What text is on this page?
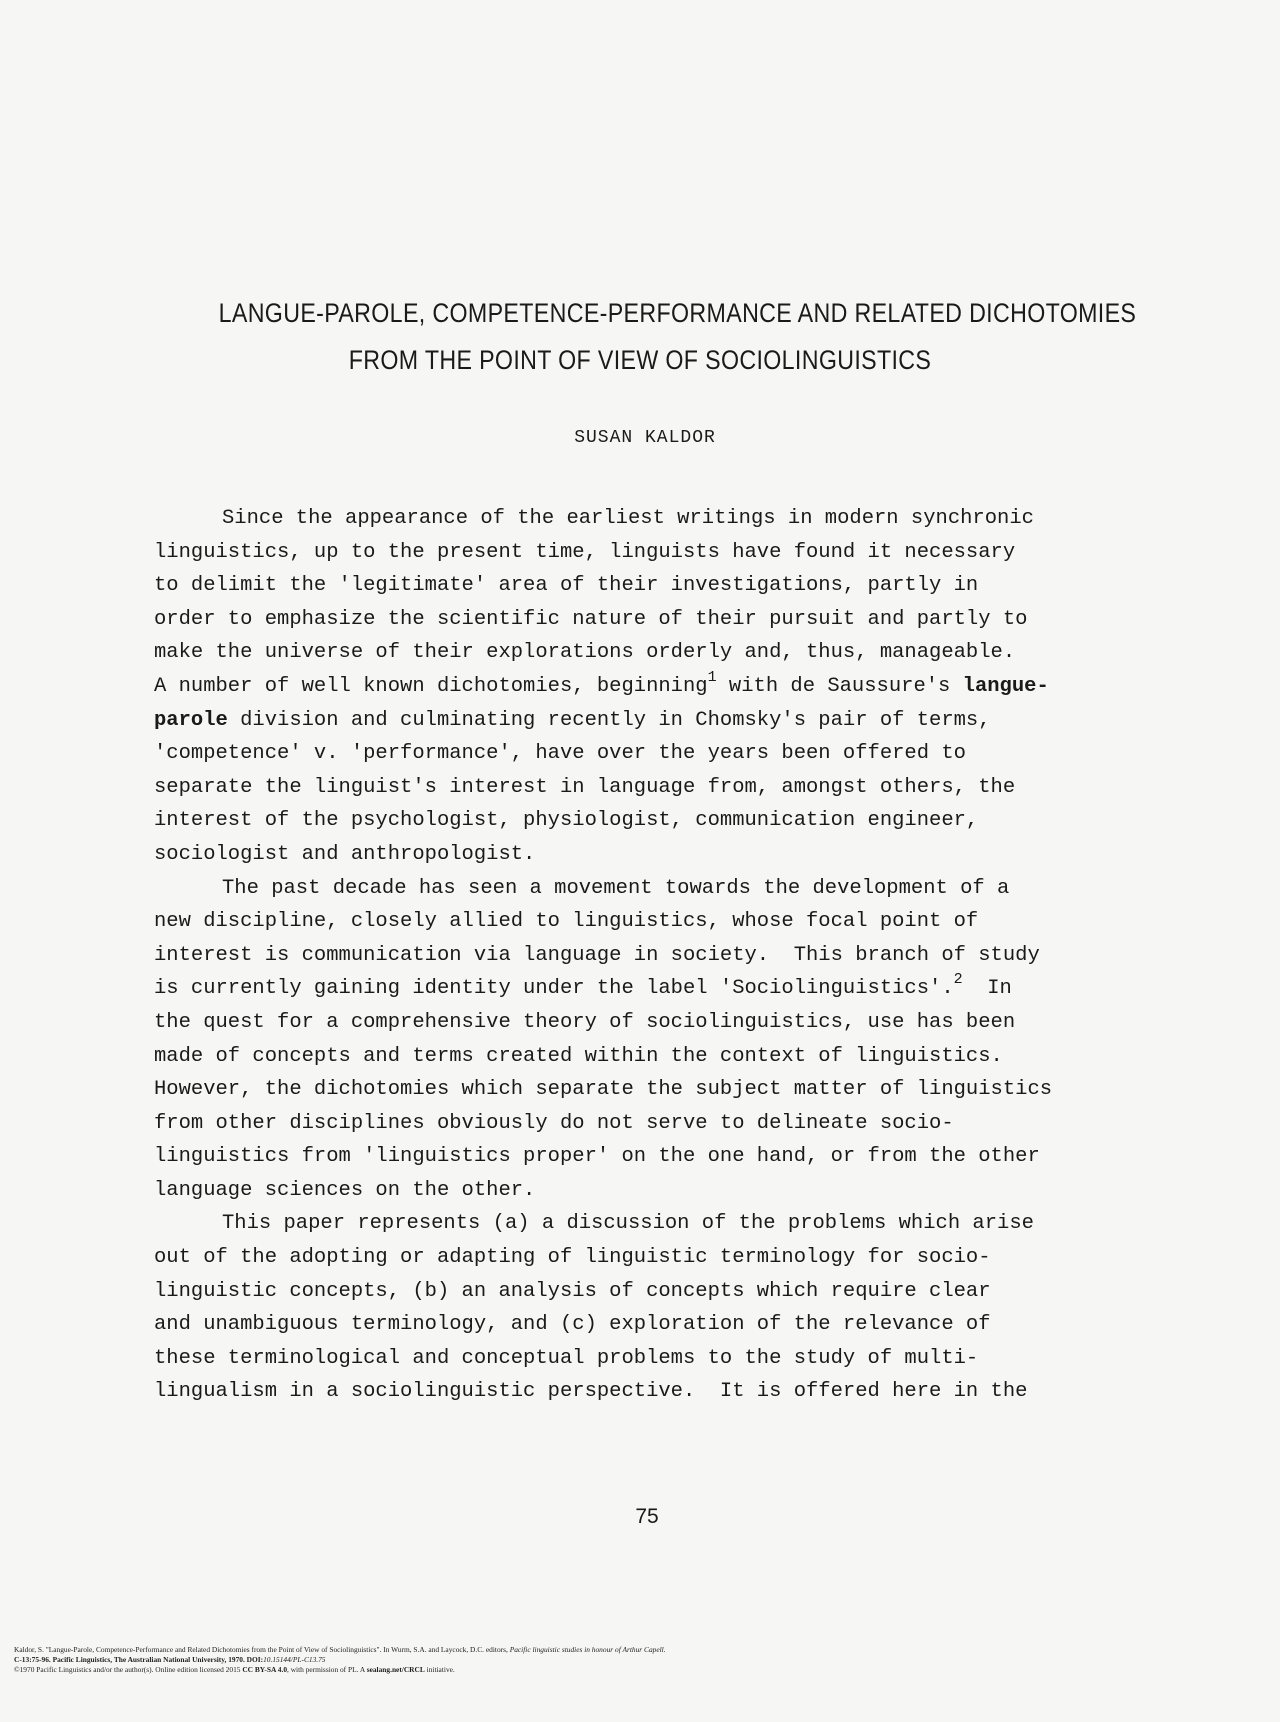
LANGUE-PAROLE, COMPETENCE-PERFORMANCE AND RELATED DICHOTOMIES
FROM THE POINT OF VIEW OF SOCIOLINGUISTICS
SUSAN KALDOR
Since the appearance of the earliest writings in modern synchronic
linguistics, up to the present time, linguists have found it necessary
to delimit the 'legitimate' area of their investigations, partly in
order to emphasize the scientific nature of their pursuit and partly to
make the universe of their explorations orderly and, thus, manageable.
A number of well known dichotomies, beginning$^1$ with de Saussure's langue-
parole division and culminating recently in Chomsky's pair of terms,
'competence' v. 'performance', have over the years been offered to
separate the linguist's interest in language from, amongst others, the
interest of the psychologist, physiologist, communication engineer,
sociologist and anthropologist.
The past decade has seen a movement towards the development of a
new discipline, closely allied to linguistics, whose focal point of
interest is communication via language in society.  This branch of study
is currently gaining identity under the label 'Sociolinguistics'.$^2$  In
the quest for a comprehensive theory of sociolinguistics, use has been
made of concepts and terms created within the context of linguistics.
However, the dichotomies which separate the subject matter of linguistics
from other disciplines obviously do not serve to delineate socio-
linguistics from 'linguistics proper' on the one hand, or from the other
language sciences on the other.
This paper represents (a) a discussion of the problems which arise
out of the adopting or adapting of linguistic terminology for socio-
linguistic concepts, (b) an analysis of concepts which require clear
and unambiguous terminology, and (c) exploration of the relevance of
these terminological and conceptual problems to the study of multi-
lingualism in a sociolinguistic perspective.  It is offered here in the
75
Kaldor, S. "Langue-Parole, Competence-Performance and Related Dichotomies from the Point of View of Sociolinguistics". In Wurm, S.A. and Laycock, D.C. editors, Pacific linguistic studies in honour of Arthur Capell.
C-13:75-96. Pacific Linguistics, The Australian National University, 1970. DOI:10.15144/PL-C13.75
©1970 Pacific Linguistics and/or the author(s). Online edition licensed 2015 CC BY-SA 4.0, with permission of PL. A sealang.net/CRCL initiative.
